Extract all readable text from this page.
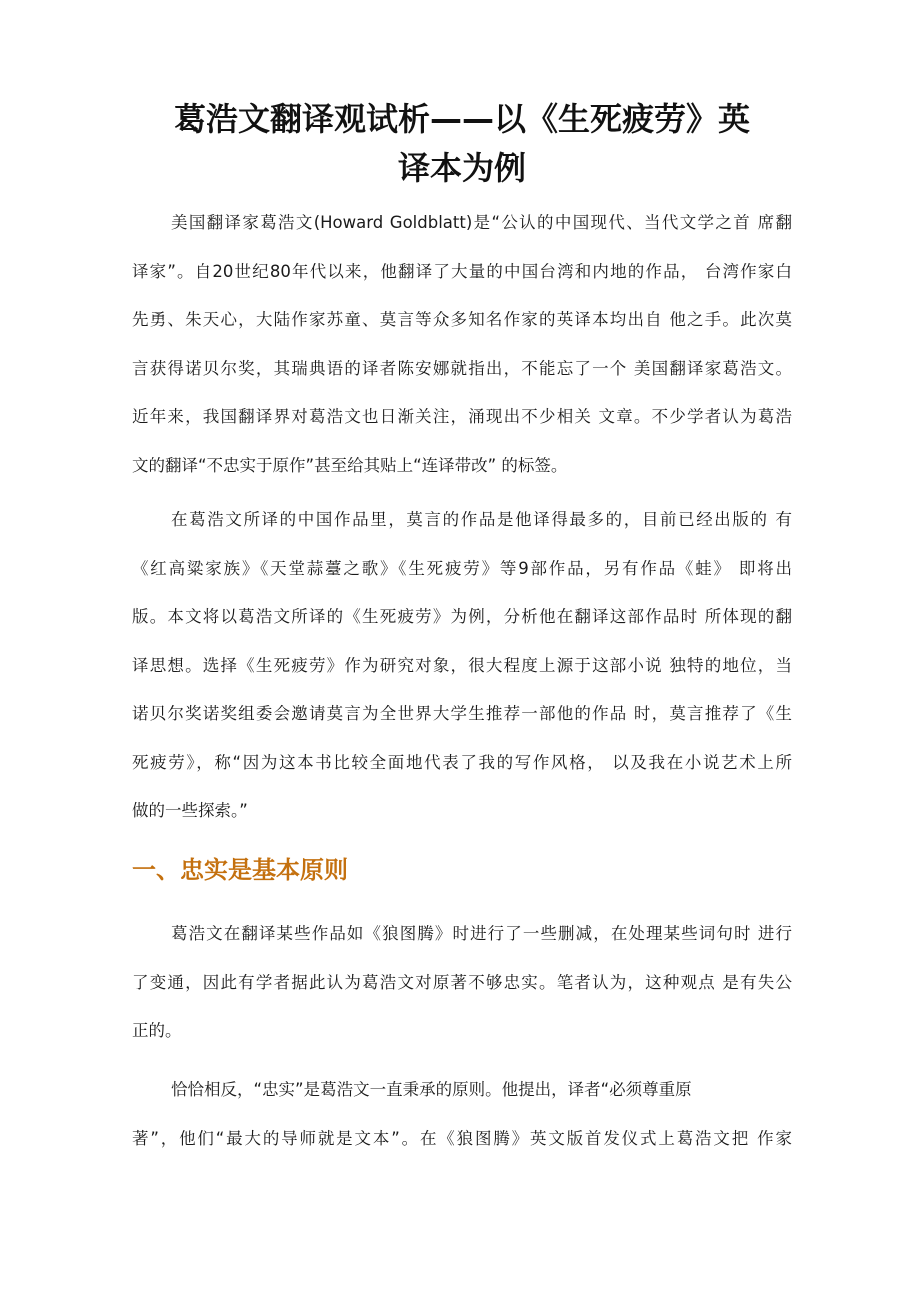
葛浩文翻译观试析——以《生死疲劳》英
译本为例
美国翻译家葛浩文(Howard Goldblatt)是“公认的中国现代、当代文学之首 席翻
译家”。自20世纪80年代以来，他翻译了大量的中国台湾和内地的作品， 台湾作家白
先勇、朱天心，大陆作家苏童、莫言等众多知名作家的英译本均出自 他之手。此次莫
言获得诺贝尔奖，其瑞典语的译者陈安娜就指出，不能忘了一个 美国翻译家葛浩文。
近年来，我国翻译界对葛浩文也日渐关注，涌现出不少相关 文章。不少学者认为葛浩
文的翻译“不忠实于原作”甚至给其贴上“连译带改” 的标签。
在葛浩文所译的中国作品里，莫言的作品是他译得最多的，目前已经出版的 有
《红高粱家族》《天堂蒜薹之歌》《生死疲劳》等9部作品，另有作品《蛙》 即将出
版。本文将以葛浩文所译的《生死疲劳》为例，分析他在翻译这部作品时 所体现的翻
译思想。选择《生死疲劳》作为研究对象，很大程度上源于这部小说 独特的地位，当
诺贝尔奖诺奖组委会邀请莫言为全世界大学生推荐一部他的作品 时，莫言推荐了《生
死疲劳》，称“因为这本书比较全面地代表了我的写作风格， 以及我在小说艺术上所
做的一些探索。”
一、忠实是基本原则
葛浩文在翻译某些作品如《狼图腾》时进行了一些删减，在处理某些词句时 进行
了变通，因此有学者据此认为葛浩文对原著不够忠实。笔者认为，这种观点 是有失公
正的。
恰恰相反，“忠实”是葛浩文一直秉承的原则。他提出，译者“必须尊重原
著”，他们“最大的导师就是文本”。在《狼图腾》英文版首发仪式上葛浩文把 作家
